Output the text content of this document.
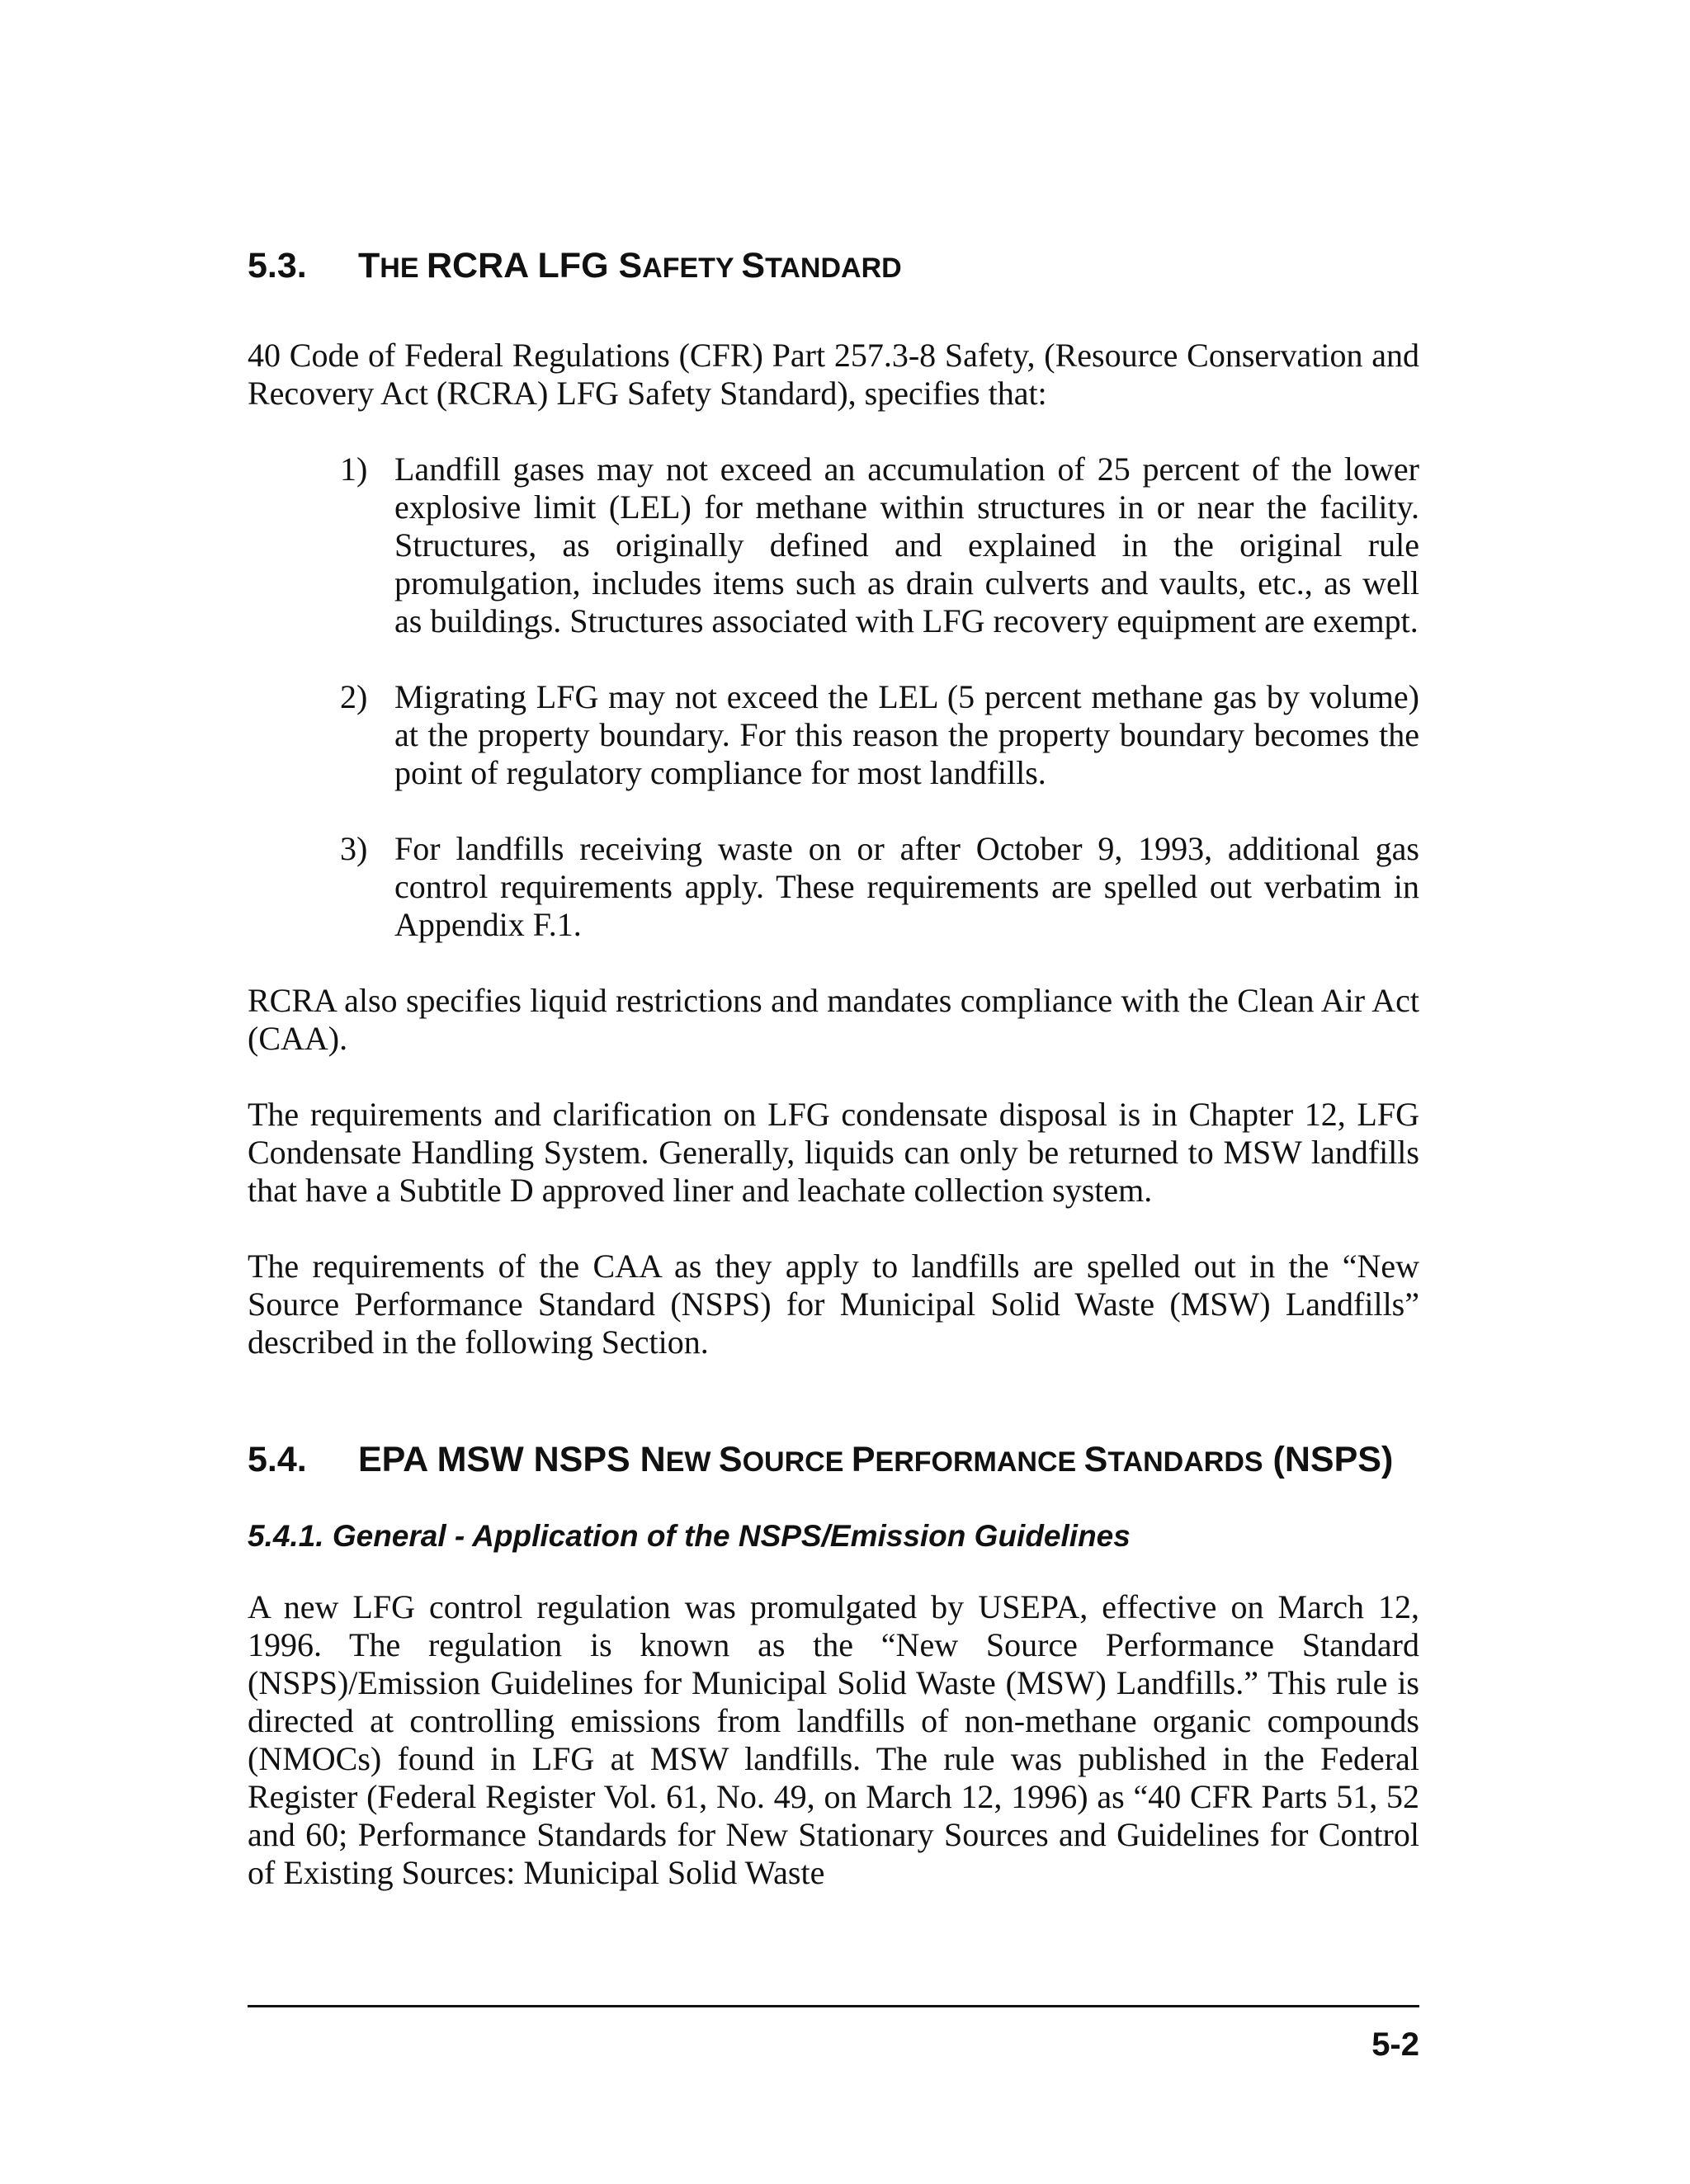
5.3.	THE RCRA LFG SAFETY STANDARD

40 Code of Federal Regulations (CFR) Part 257.3-8 Safety, (Resource Conservation and Recovery Act (RCRA) LFG Safety Standard), specifies that:

1) Landfill gases may not exceed an accumulation of 25 percent of the lower explosive limit (LEL) for methane within structures in or near the facility. Structures, as originally defined and explained in the original rule promulgation, includes items such as drain culverts and vaults, etc., as well as buildings. Structures associated with LFG recovery equipment are exempt.
2) Migrating LFG may not exceed the LEL (5 percent methane gas by volume) at the property boundary. For this reason the property boundary becomes the point of regulatory compliance for most landfills.
3) For landfills receiving waste on or after October 9, 1993, additional gas control requirements apply. These requirements are spelled out verbatim in Appendix F.1.

RCRA also specifies liquid restrictions and mandates compliance with the Clean Air Act (CAA).

The requirements and clarification on LFG condensate disposal is in Chapter 12, LFG Condensate Handling System. Generally, liquids can only be returned to MSW landfills that have a Subtitle D approved liner and leachate collection system.

The requirements of the CAA as they apply to landfills are spelled out in the “New Source Performance Standard (NSPS) for Municipal Solid Waste (MSW) Landfills” described in the following Section.

5.4.	EPA MSW NSPS NEW SOURCE PERFORMANCE STANDARDS (NSPS)
5.4.1. General - Application of the NSPS/Emission Guidelines

A new LFG control regulation was promulgated by USEPA, effective on March 12, 1996. The regulation is known as the “New Source Performance Standard (NSPS)/Emission Guidelines for Municipal Solid Waste (MSW) Landfills.” This rule is directed at controlling emissions from landfills of non-methane organic compounds (NMOCs) found in LFG at MSW landfills. The rule was published in the Federal Register (Federal Register Vol. 61, No. 49, on March 12, 1996) as “40 CFR Parts 51, 52 and 60; Performance Standards for New Stationary Sources and Guidelines for Control of Existing Sources: Municipal Solid Waste

5-2
